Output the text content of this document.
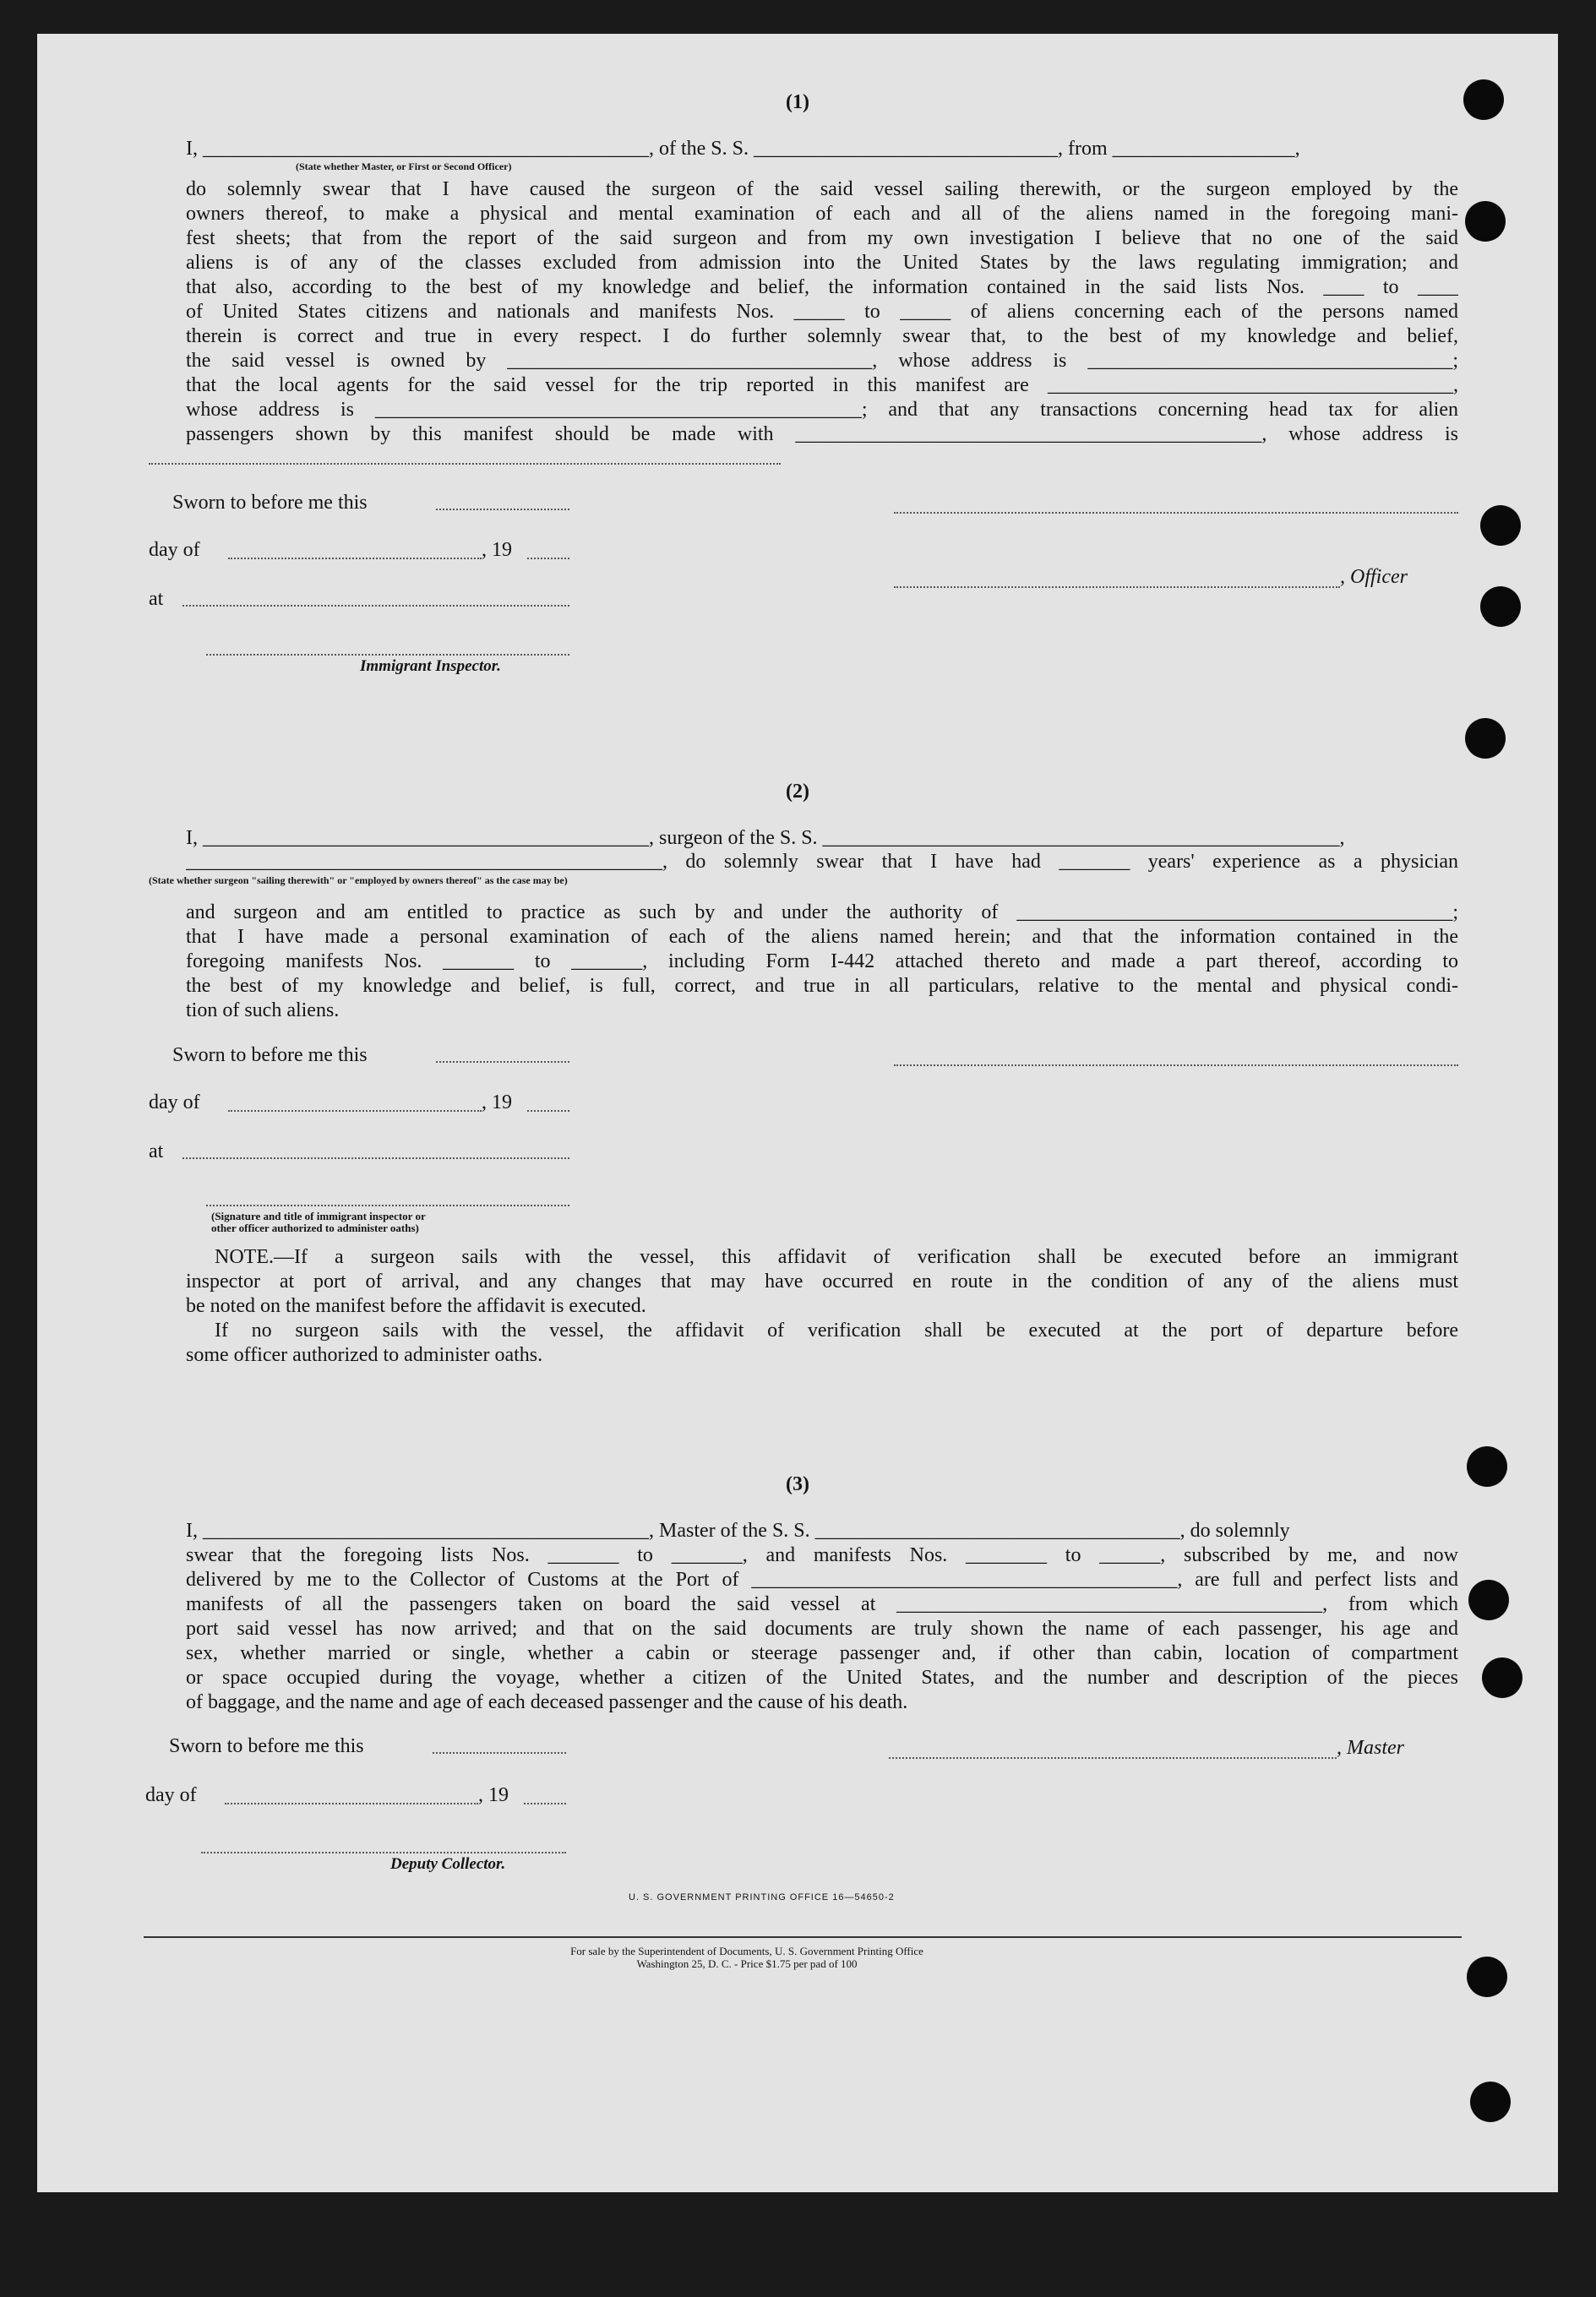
(1)
I, ____________________________________________, of the S. S. ______________________________, from __________________,
(State whether Master, or First or Second Officer)
do solemnly swear that I have caused the surgeon of the said vessel sailing therewith, or the surgeon employed by the
owners thereof, to make a physical and mental examination of each and all of the aliens named in the foregoing mani-
fest sheets; that from the report of the said surgeon and from my own investigation I believe that no one of the said
aliens is of any of the classes excluded from admission into the United States by the laws regulating immigration; and
that also, according to the best of my knowledge and belief, the information contained in the said lists Nos. ____ to ____
of United States citizens and nationals and manifests Nos. _____ to _____ of aliens concerning each of the persons named
therein is correct and true in every respect. I do further solemnly swear that, to the best of my knowledge and belief,
the said vessel is owned by ____________________________________, whose address is ____________________________________;
that the local agents for the said vessel for the trip reported in this manifest are ________________________________________,
whose address is ________________________________________________; and that any transactions concerning head tax for alien
passengers shown by this manifest should be made with ______________________________________________, whose address is
Sworn to before me this
day of	, 19
at
Immigrant Inspector.
, Officer
(2)
I, ____________________________________________, surgeon of the S. S. ___________________________________________________,
_______________________________________________, do solemnly swear that I have had _______ years' experience as a physician
(State whether surgeon "sailing therewith" or "employed by owners thereof" as the case may be)
and surgeon and am entitled to practice as such by and under the authority of ___________________________________________;
that I have made a personal examination of each of the aliens named herein; and that the information contained in the
foregoing manifests Nos. _______ to _______, including Form I-442 attached thereto and made a part thereof, according to
the best of my knowledge and belief, is full, correct, and true in all particulars, relative to the mental and physical condi-
tion of such aliens.
Sworn to before me this
day of	, 19
at
(Signature and title of immigrant inspector or
other officer authorized to administer oaths)
NOTE.—If a surgeon sails with the vessel, this affidavit of verification shall be executed before an immigrant
inspector at port of arrival, and any changes that may have occurred en route in the condition of any of the aliens must
be noted on the manifest before the affidavit is executed.
If no surgeon sails with the vessel, the affidavit of verification shall be executed at the port of departure before
some officer authorized to administer oaths.
(3)
I, ____________________________________________, Master of the S. S. ____________________________________, do solemnly
swear that the foregoing lists Nos. _______ to _______, and manifests Nos. ________ to ______, subscribed by me, and now
delivered by me to the Collector of Customs at the Port of __________________________________________, are full and perfect lists and
manifests of all the passengers taken on board the said vessel at __________________________________________, from which
port said vessel has now arrived; and that on the said documents are truly shown the name of each passenger, his age and
sex, whether married or single, whether a cabin or steerage passenger and, if other than cabin, location of compartment
or space occupied during the voyage, whether a citizen of the United States, and the number and description of the pieces
of baggage, and the name and age of each deceased passenger and the cause of his death.
Sworn to before me this
day of	, 19
Deputy Collector.
, Master
U. S. GOVERNMENT PRINTING OFFICE 16—54650-2
For sale by the Superintendent of Documents, U. S. Government Printing Office
Washington 25, D. C. - Price $1.75 per pad of 100
